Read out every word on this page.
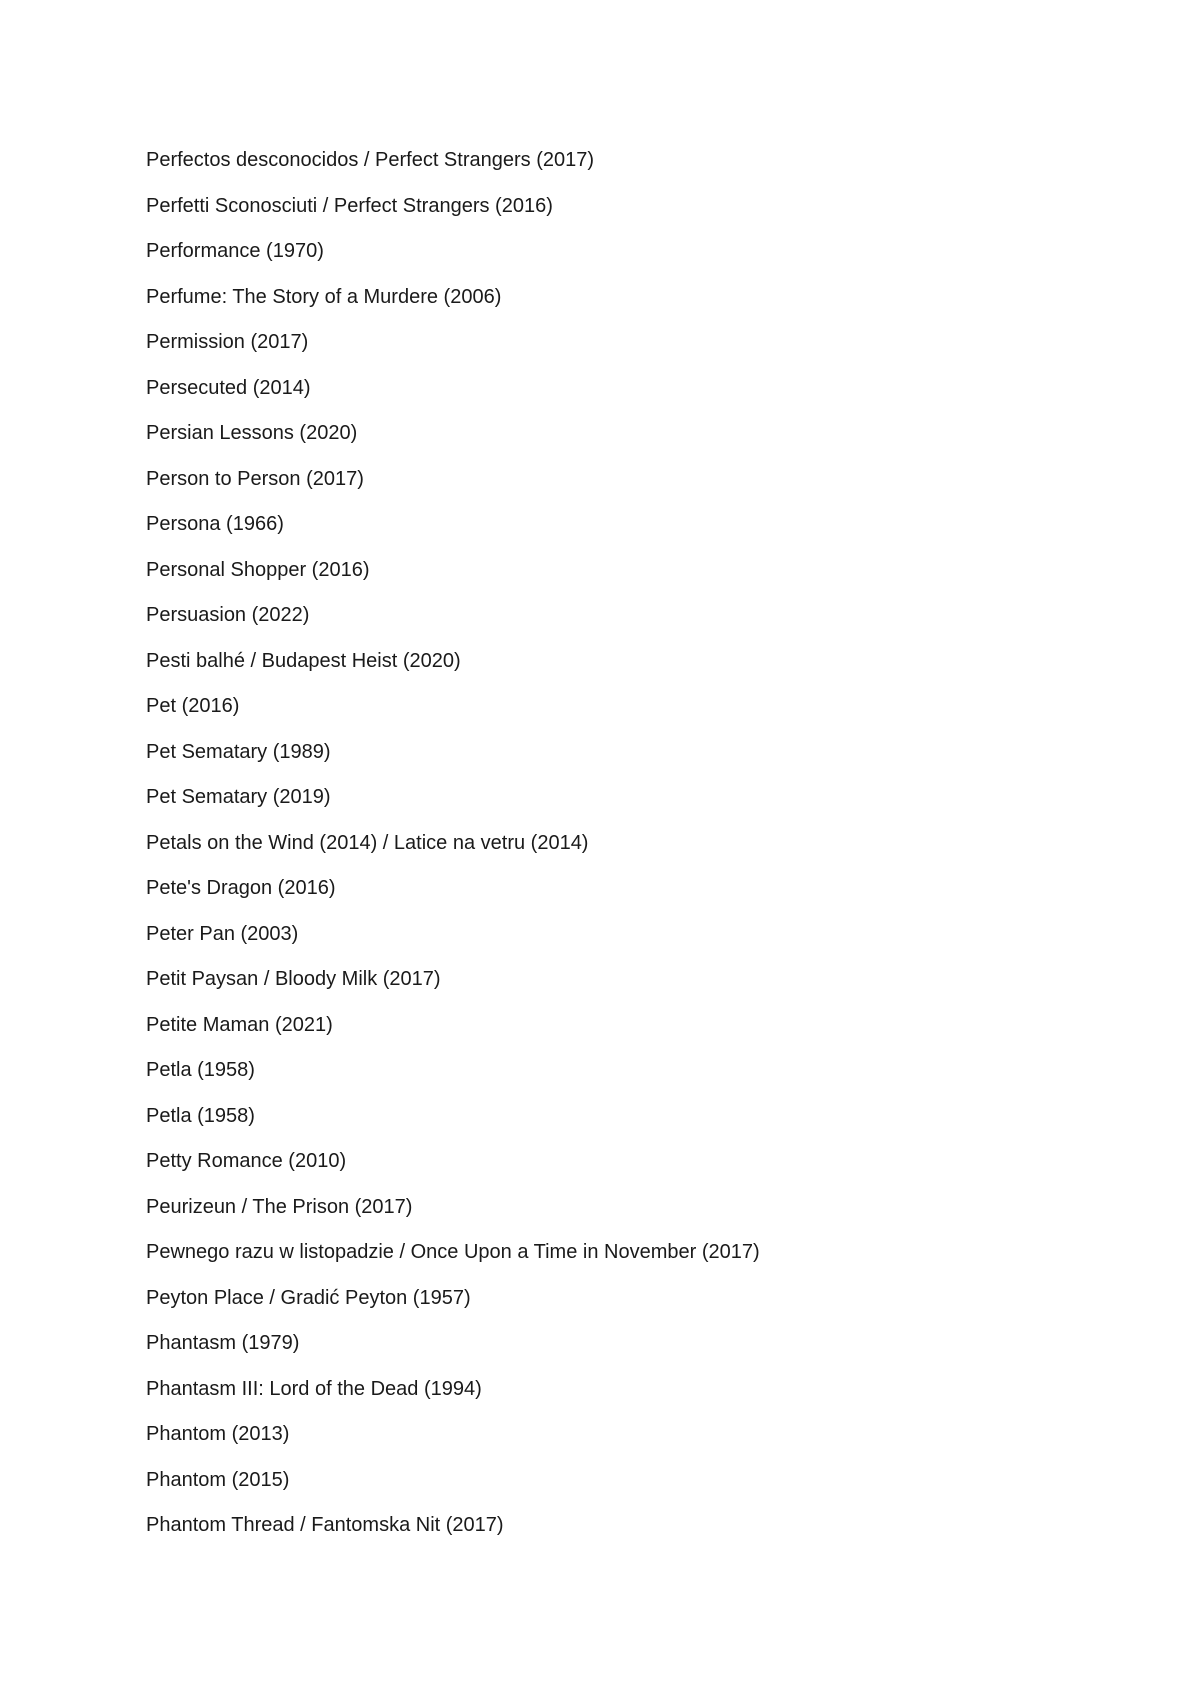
Perfectos desconocidos / Perfect Strangers (2017)
Perfetti Sconosciuti / Perfect Strangers (2016)
Performance (1970)
Perfume: The Story of a Murdere (2006)
Permission (2017)
Persecuted (2014)
Persian Lessons (2020)
Person to Person (2017)
Persona (1966)
Personal Shopper (2016)
Persuasion (2022)
Pesti balhé / Budapest Heist (2020)
Pet (2016)
Pet Sematary (1989)
Pet Sematary (2019)
Petals on the Wind (2014) / Latice na vetru (2014)
Pete's Dragon (2016)
Peter Pan (2003)
Petit Paysan / Bloody Milk (2017)
Petite Maman (2021)
Petla (1958)
Petla (1958)
Petty Romance (2010)
Peurizeun / The Prison (2017)
Pewnego razu w listopadzie / Once Upon a Time in November (2017)
Peyton Place / Gradić Peyton (1957)
Phantasm (1979)
Phantasm III: Lord of the Dead (1994)
Phantom (2013)
Phantom (2015)
Phantom Thread / Fantomska Nit (2017)
